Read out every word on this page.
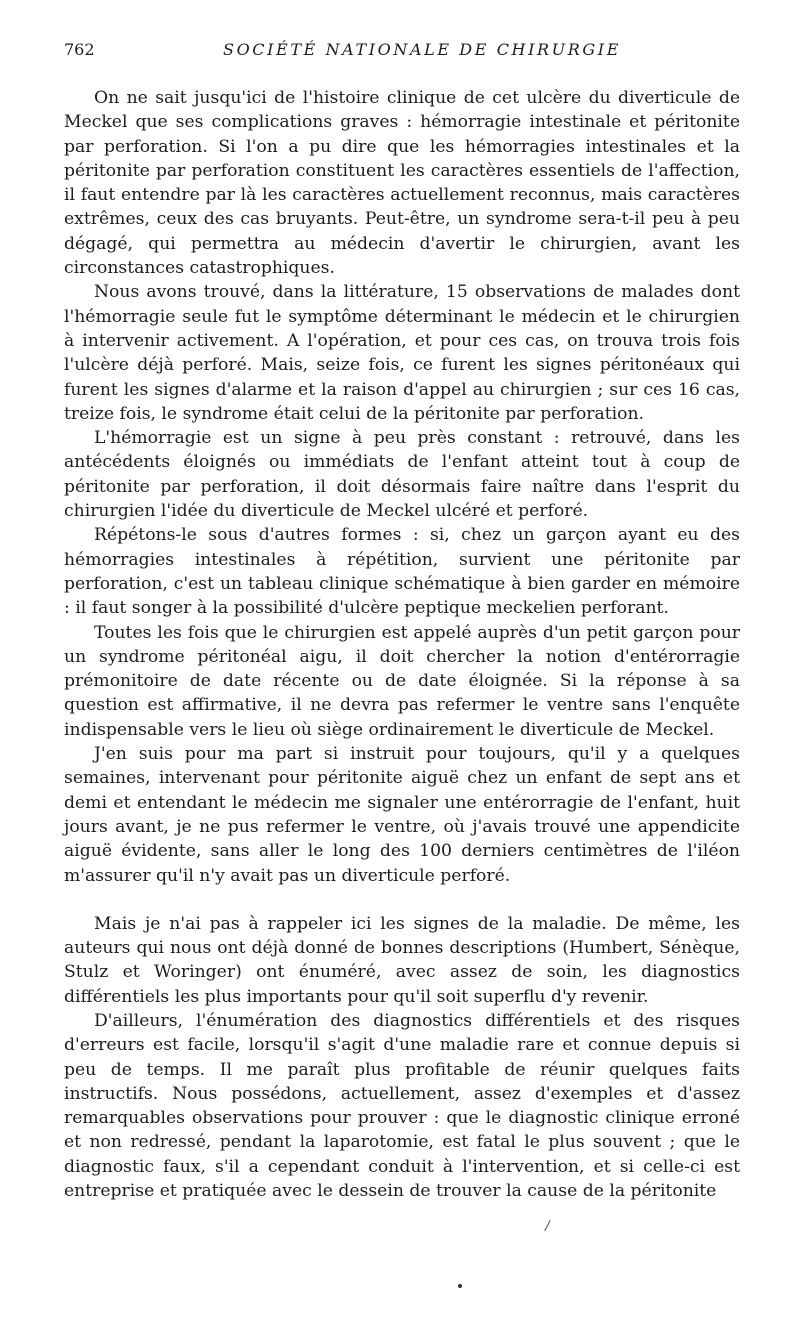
762	SOCIÉTÉ NATIONALE DE CHIRURGIE

On ne sait jusqu'ici de l'histoire clinique de cet ulcère du diverticule de Meckel que ses complications graves : hémorragie intestinale et péritonite par perforation. Si l'on a pu dire que les hémorragies intestinales et la péritonite par perforation constituent les caractères essentiels de l'affection, il faut entendre par là les caractères actuellement reconnus, mais caractères extrêmes, ceux des cas bruyants. Peut-être, un syndrome sera-t-il peu à peu dégagé, qui permettra au médecin d'avertir le chirurgien, avant les circonstances catastrophiques.

Nous avons trouvé, dans la littérature, 15 observations de malades dont l'hémorragie seule fut le symptôme déterminant le médecin et le chirurgien à intervenir activement. A l'opération, et pour ces cas, on trouva trois fois l'ulcère déjà perforé. Mais, seize fois, ce furent les signes péritonéaux qui furent les signes d'alarme et la raison d'appel au chirurgien ; sur ces 16 cas, treize fois, le syndrome était celui de la péritonite par perforation.

L'hémorragie est un signe à peu près constant : retrouvé, dans les antécédents éloignés ou immédiats de l'enfant atteint tout à coup de péritonite par perforation, il doit désormais faire naître dans l'esprit du chirurgien l'idée du diverticule de Meckel ulcéré et perforé.

Répétons-le sous d'autres formes : si, chez un garçon ayant eu des hémorragies intestinales à répétition, survient une péritonite par perforation, c'est un tableau clinique schématique à bien garder en mémoire : il faut songer à la possibilité d'ulcère peptique meckelien perforant.

Toutes les fois que le chirurgien est appelé auprès d'un petit garçon pour un syndrome péritonéal aigu, il doit chercher la notion d'entérorragie prémonitoire de date récente ou de date éloignée. Si la réponse à sa question est affirmative, il ne devra pas refermer le ventre sans l'enquête indispensable vers le lieu où siège ordinairement le diverticule de Meckel.

J'en suis pour ma part si instruit pour toujours, qu'il y a quelques semaines, intervenant pour péritonite aiguë chez un enfant de sept ans et demi et entendant le médecin me signaler une entérorragie de l'enfant, huit jours avant, je ne pus refermer le ventre, où j'avais trouvé une appendicite aiguë évidente, sans aller le long des 100 derniers centimètres de l'iléon m'assurer qu'il n'y avait pas un diverticule perforé.

Mais je n'ai pas à rappeler ici les signes de la maladie. De même, les auteurs qui nous ont déjà donné de bonnes descriptions (Humbert, Sénèque, Stulz et Woringer) ont énuméré, avec assez de soin, les diagnostics différentiels les plus importants pour qu'il soit superflu d'y revenir.

D'ailleurs, l'énumération des diagnostics différentiels et des risques d'erreurs est facile, lorsqu'il s'agit d'une maladie rare et connue depuis si peu de temps. Il me paraît plus profitable de réunir quelques faits instructifs. Nous possédons, actuellement, assez d'exemples et d'assez remarquables observations pour prouver : que le diagnostic clinique erroné et non redressé, pendant la laparotomie, est fatal le plus souvent ; que le diagnostic faux, s'il a cependant conduit à l'intervention, et si celle-ci est entreprise et pratiquée avec le dessein de trouver la cause de la péritonite

/
